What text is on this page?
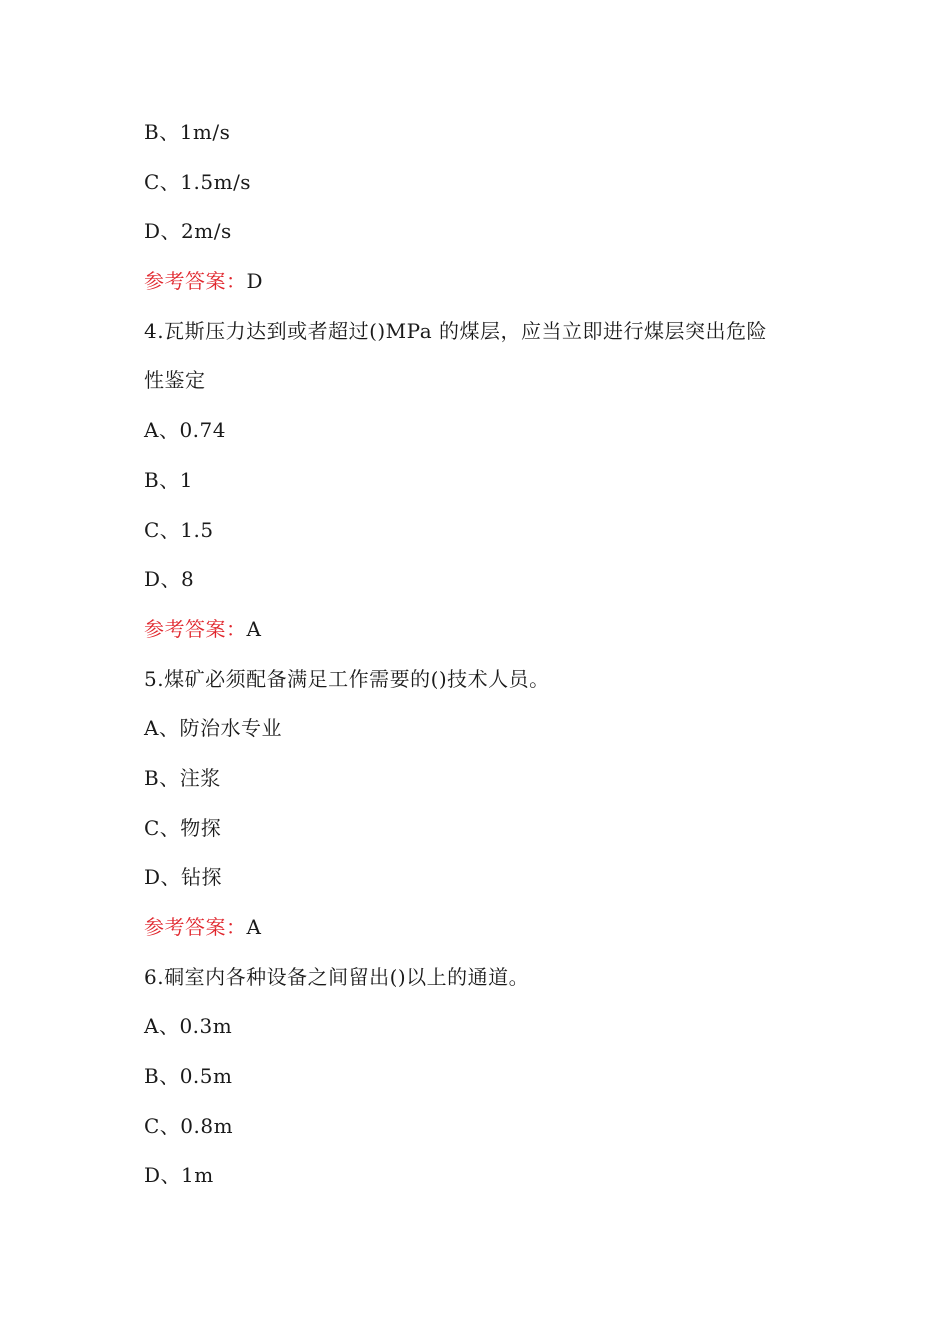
B、1m/s
C、1.5m/s
D、2m/s
参考答案：D
4.瓦斯压力达到或者超过()MPa 的煤层，应当立即进行煤层突出危险
性鉴定
A、0.74
B、1
C、1.5
D、8
参考答案：A
5.煤矿必须配备满足工作需要的()技术人员。
A、防治水专业
B、注浆
C、物探
D、钻探
参考答案：A
6.硐室内各种设备之间留出()以上的通道。
A、0.3m
B、0.5m
C、0.8m
D、1m
